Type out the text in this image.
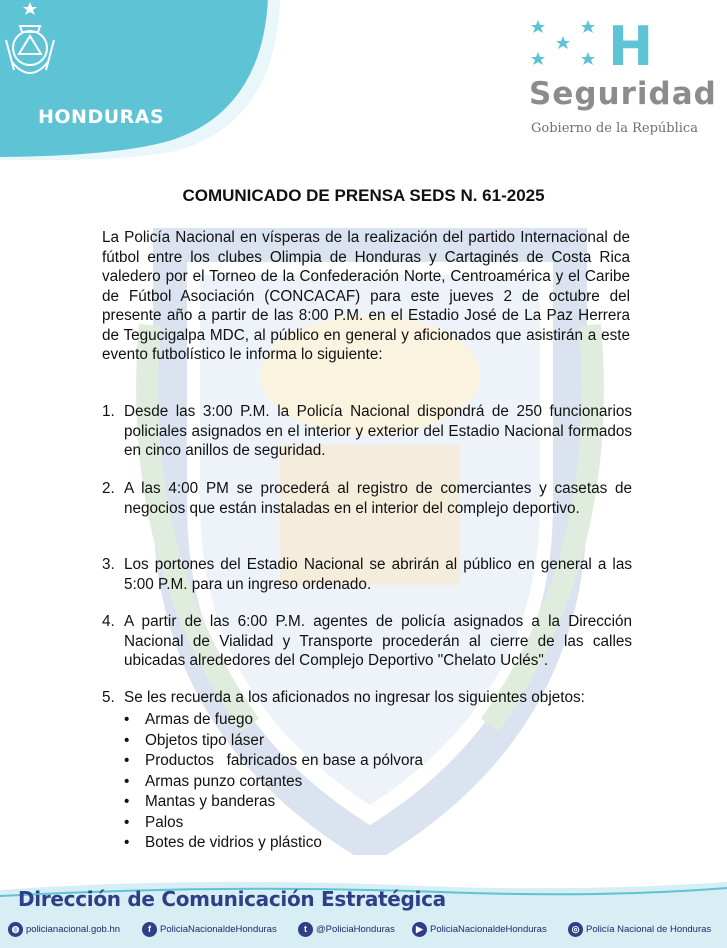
HONDURAS
H
Seguridad
Gobierno de la República
COMUNICADO DE PRENSA SEDS N. 61-2025
La Policía Nacional en vísperas de la realización del partido Internacional de fútbol entre los clubes Olimpia de Honduras y Cartaginés de Costa Rica valedero por el Torneo de la Confederación Norte, Centroamérica y el Caribe de Fútbol Asociación (CONCACAF) para este jueves 2 de octubre del presente año a partir de las 8:00 P.M. en el Estadio José de La Paz Herrera de Tegucigalpa MDC, al público en general y aficionados que asistirán a este evento futbolístico le informa lo siguiente:
1. Desde las 3:00 P.M. la Policía Nacional dispondrá de 250 funcionarios policiales asignados en el interior y exterior del Estadio Nacional formados en cinco anillos de seguridad.
2. A las 4:00 PM se procederá al registro de comerciantes y casetas de negocios que están instaladas en el interior del complejo deportivo.
3. Los portones del Estadio Nacional se abrirán al público en general a las 5:00 P.M. para un ingreso ordenado.
4. A partir de las 6:00 P.M. agentes de policía asignados a la Dirección Nacional de Vialidad y Transporte procederán al cierre de las calles ubicadas alrededores del Complejo Deportivo "Chelato Uclés".
5. Se les recuerda a los aficionados no ingresar los siguientes objetos:
• Armas de fuego
• Objetos tipo láser
• Productos   fabricados en base a pólvora
• Armas punzo cortantes
• Mantas y banderas
• Palos
• Botes de vidrios y plástico
Dirección de Comunicación Estratégica
◍ policianacional.gob.hn	f PoliciaNacionaldeHonduras	t @PoliciaHonduras	▶ PoliciaNacionaldeHonduras	◎ Policía Nacional de Honduras
